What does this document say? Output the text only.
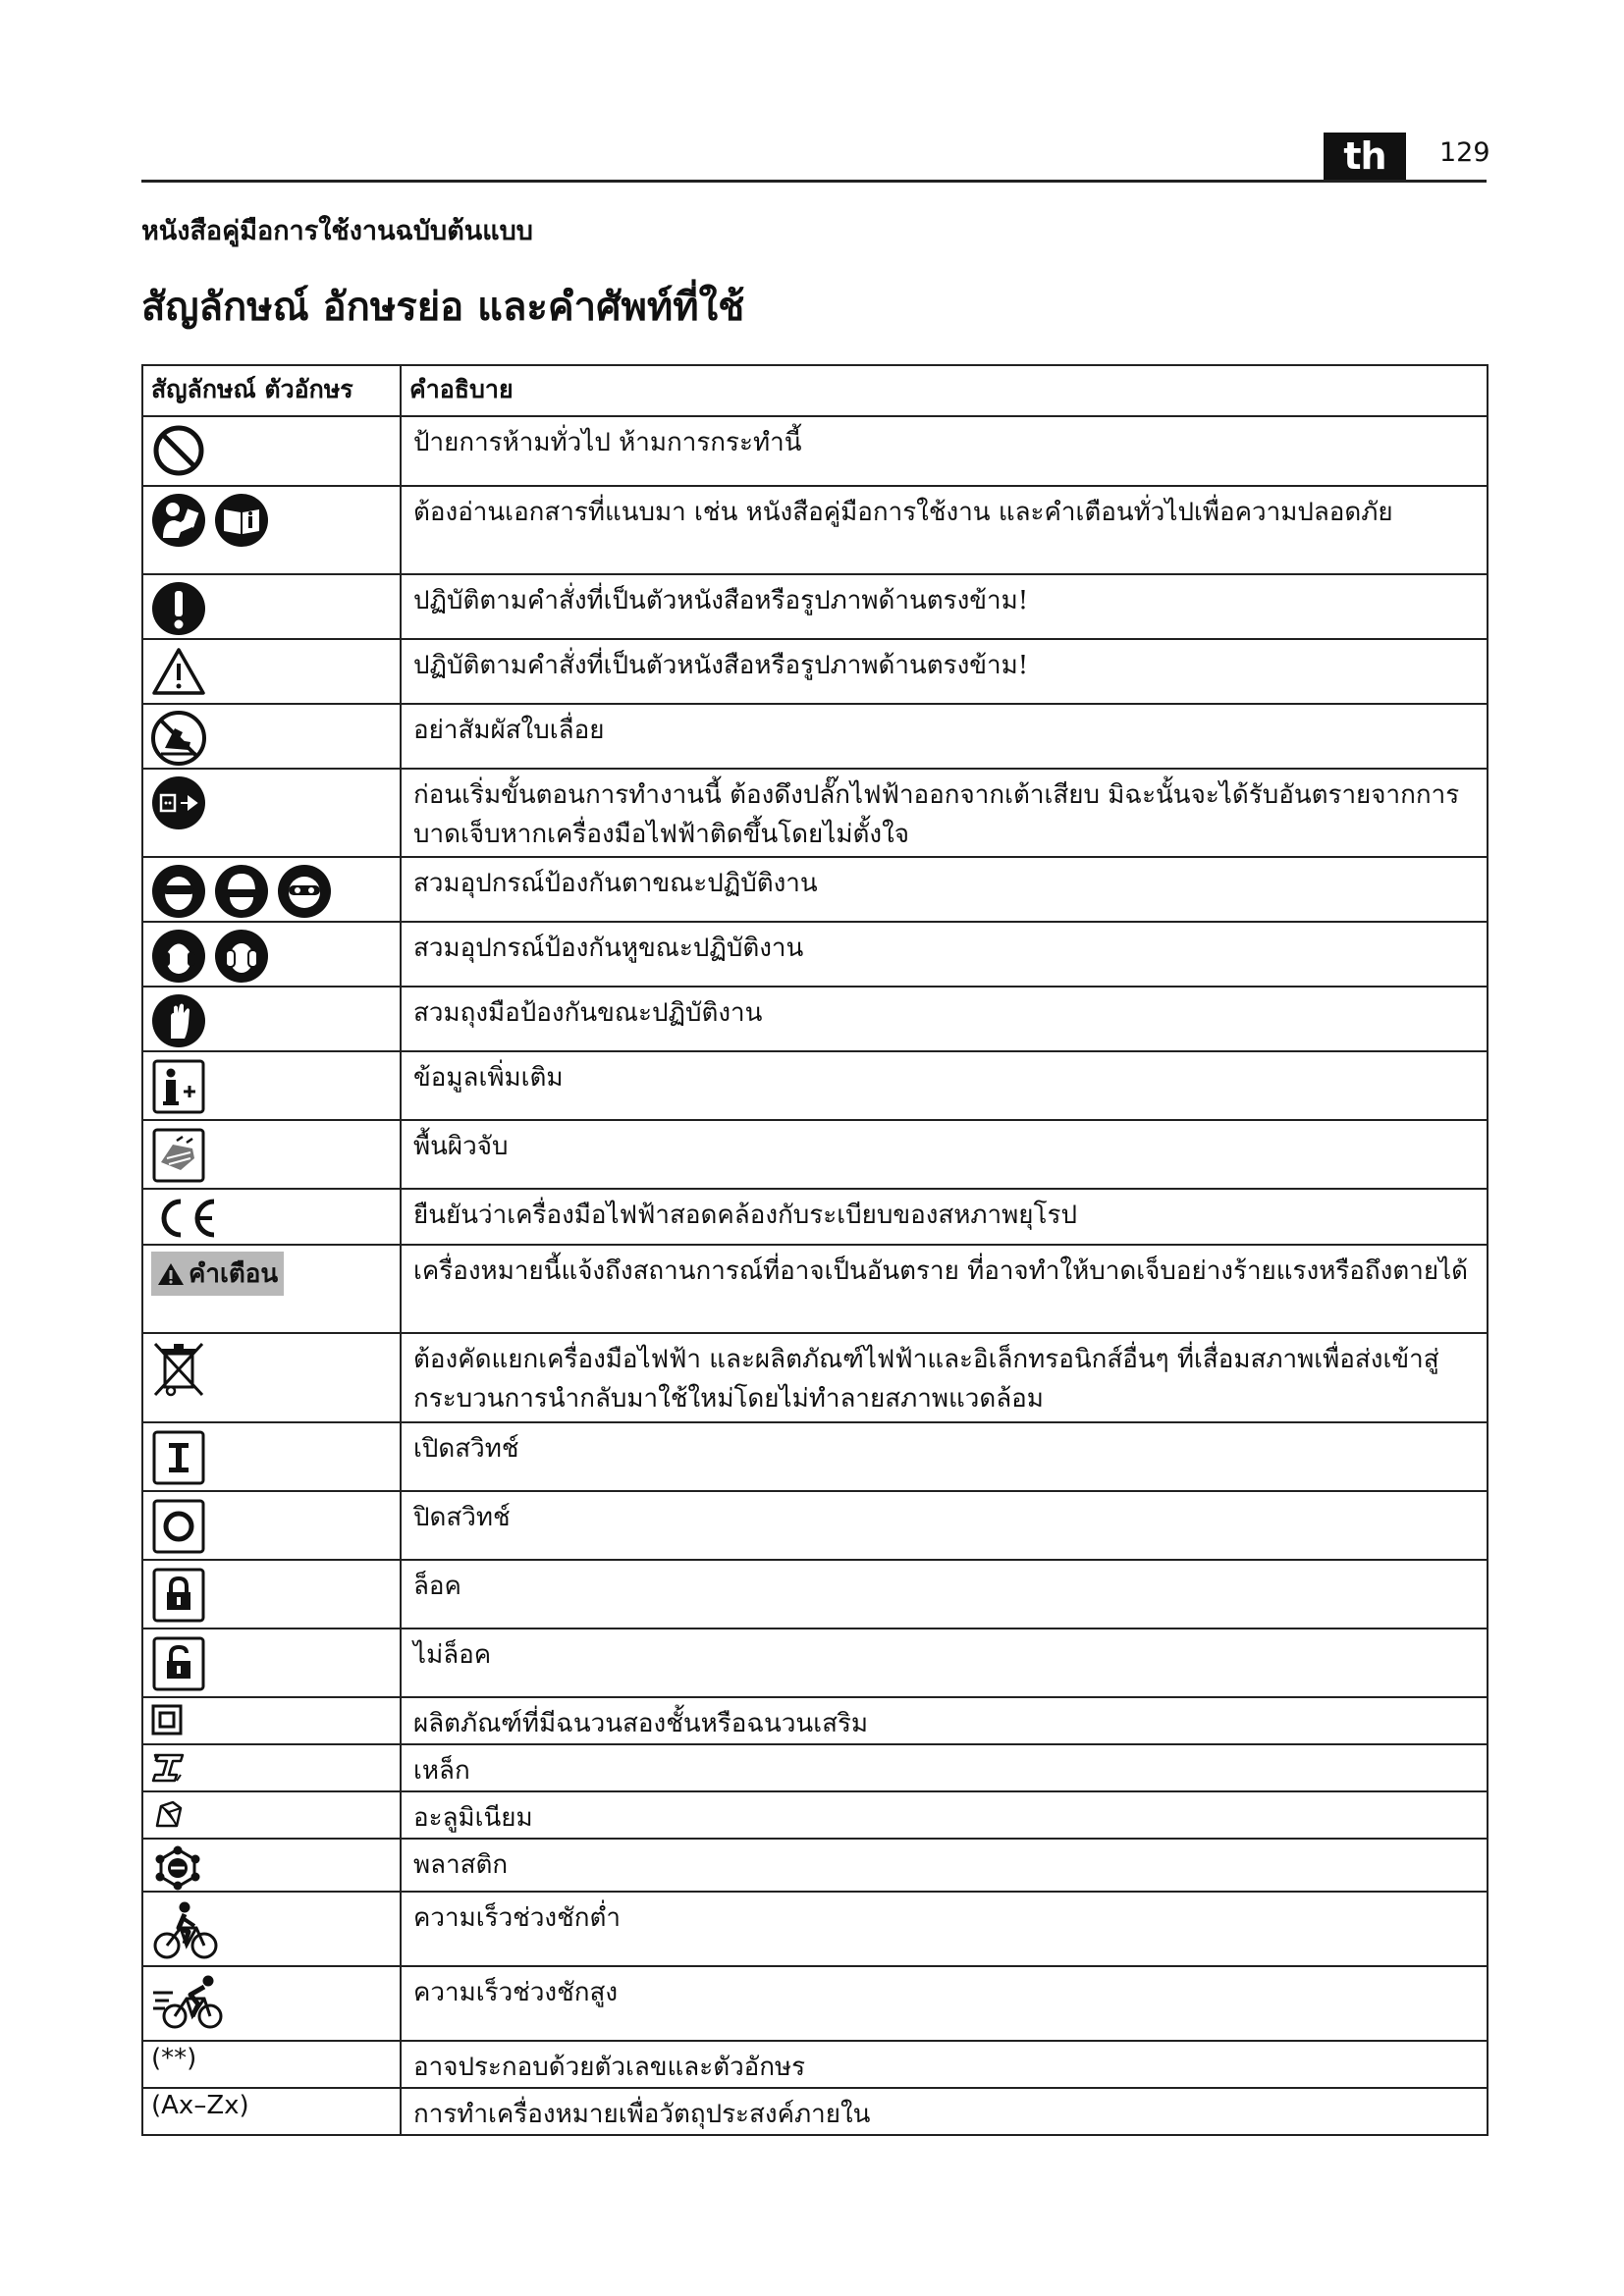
th	129
หนังสือคู่มือการใช้งานฉบับต้นแบบ
สัญลักษณ์ อักษรย่อ และคำศัพท์ที่ใช้
สัญลักษณ์ ตัวอักษร	คำอธิบาย

	ป้ายการห้ามทั่วไป ห้ามการกระทำนี้

	ต้องอ่านเอกสารที่แนบมา เช่น หนังสือคู่มือการใช้งาน และคำเตือนทั่วไปเพื่อความปลอดภัย

	ปฏิบัติตามคำสั่งที่เป็นตัวหนังสือหรือรูปภาพด้านตรงข้าม!

	ปฏิบัติตามคำสั่งที่เป็นตัวหนังสือหรือรูปภาพด้านตรงข้าม!

	อย่าสัมผัสใบเลื่อย

	ก่อนเริ่มขั้นตอนการทำงานนี้ ต้องดึงปลั๊กไฟฟ้าออกจากเต้าเสียบ มิฉะนั้นจะได้รับอันตรายจากการบาดเจ็บหากเครื่องมือไฟฟ้าติดขึ้นโดยไม่ตั้งใจ

	สวมอุปกรณ์ป้องกันตาขณะปฏิบัติงาน

	สวมอุปกรณ์ป้องกันหูขณะปฏิบัติงาน

	สวมถุงมือป้องกันขณะปฏิบัติงาน

	ข้อมูลเพิ่มเติม

	พื้นผิวจับ

	ยืนยันว่าเครื่องมือไฟฟ้าสอดคล้องกับระเบียบของสหภาพยุโรป

คำเตือน	เครื่องหมายนี้แจ้งถึงสถานการณ์ที่อาจเป็นอันตราย ที่อาจทำให้บาดเจ็บอย่างร้ายแรงหรือถึงตายได้

	ต้องคัดแยกเครื่องมือไฟฟ้า และผลิตภัณฑ์ไฟฟ้าและอิเล็กทรอนิกส์อื่นๆ ที่เสื่อมสภาพเพื่อส่งเข้าสู่กระบวนการนำกลับมาใช้ใหม่โดยไม่ทำลายสภาพแวดล้อม

	เปิดสวิทช์

	ปิดสวิทช์

	ล็อค

	ไม่ล็อค

	ผลิตภัณฑ์ที่มีฉนวนสองชั้นหรือฉนวนเสริม

	เหล็ก

	อะลูมิเนียม

	พลาสติก

	ความเร็วช่วงชักต่ำ

	ความเร็วช่วงชักสูง
(**)	อาจประกอบด้วยตัวเลขและตัวอักษร
(Ax–Zx)	การทำเครื่องหมายเพื่อวัตถุประสงค์ภายใน
